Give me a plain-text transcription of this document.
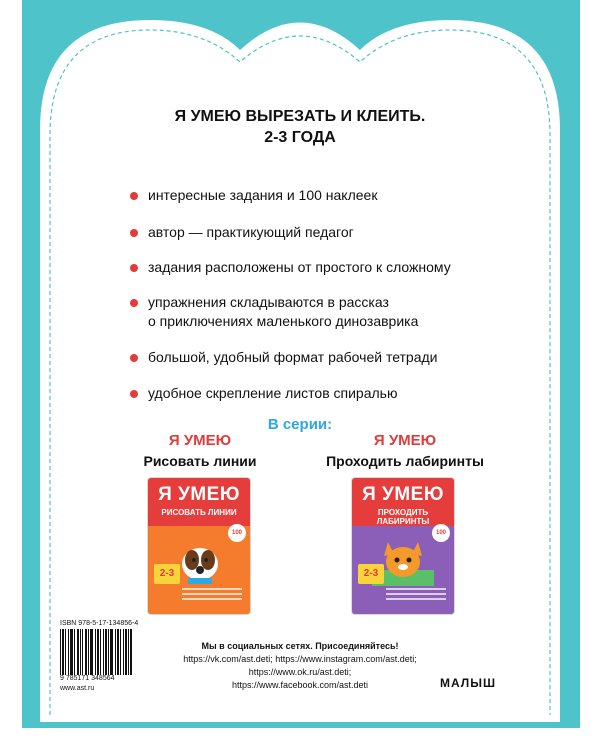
Я УМЕЮ ВЫРЕЗАТЬ И КЛЕИТЬ.
2-3 ГОДА
интересные задания и 100 наклеек
автор — практикующий педагог
задания расположены от простого к сложному
упражнения складываются в рассказ
о приключениях маленького динозаврика
большой, удобный формат рабочей тетради
удобное скрепление листов спиралью
В серии:
Я УМЕЮ
Рисовать линии
Я УМЕЮ
РИСОВАТЬ ЛИНИИ
100
2-3
Я УМЕЮ
Проходить лабиринты
Я УМЕЮ
ПРОХОДИТЬ ЛАБИРИНТЫ
100
2-3
ISBN 978-5-17-134856-4
9 785171 348564
www.ast.ru
Мы в социальных сетях. Присоединяйтесь!
https://vk.com/ast.deti; https://www.instagram.com/ast.deti;
https://www.ok.ru/ast.deti;
https://www.facebook.com/ast.deti	МАЛЫШ
